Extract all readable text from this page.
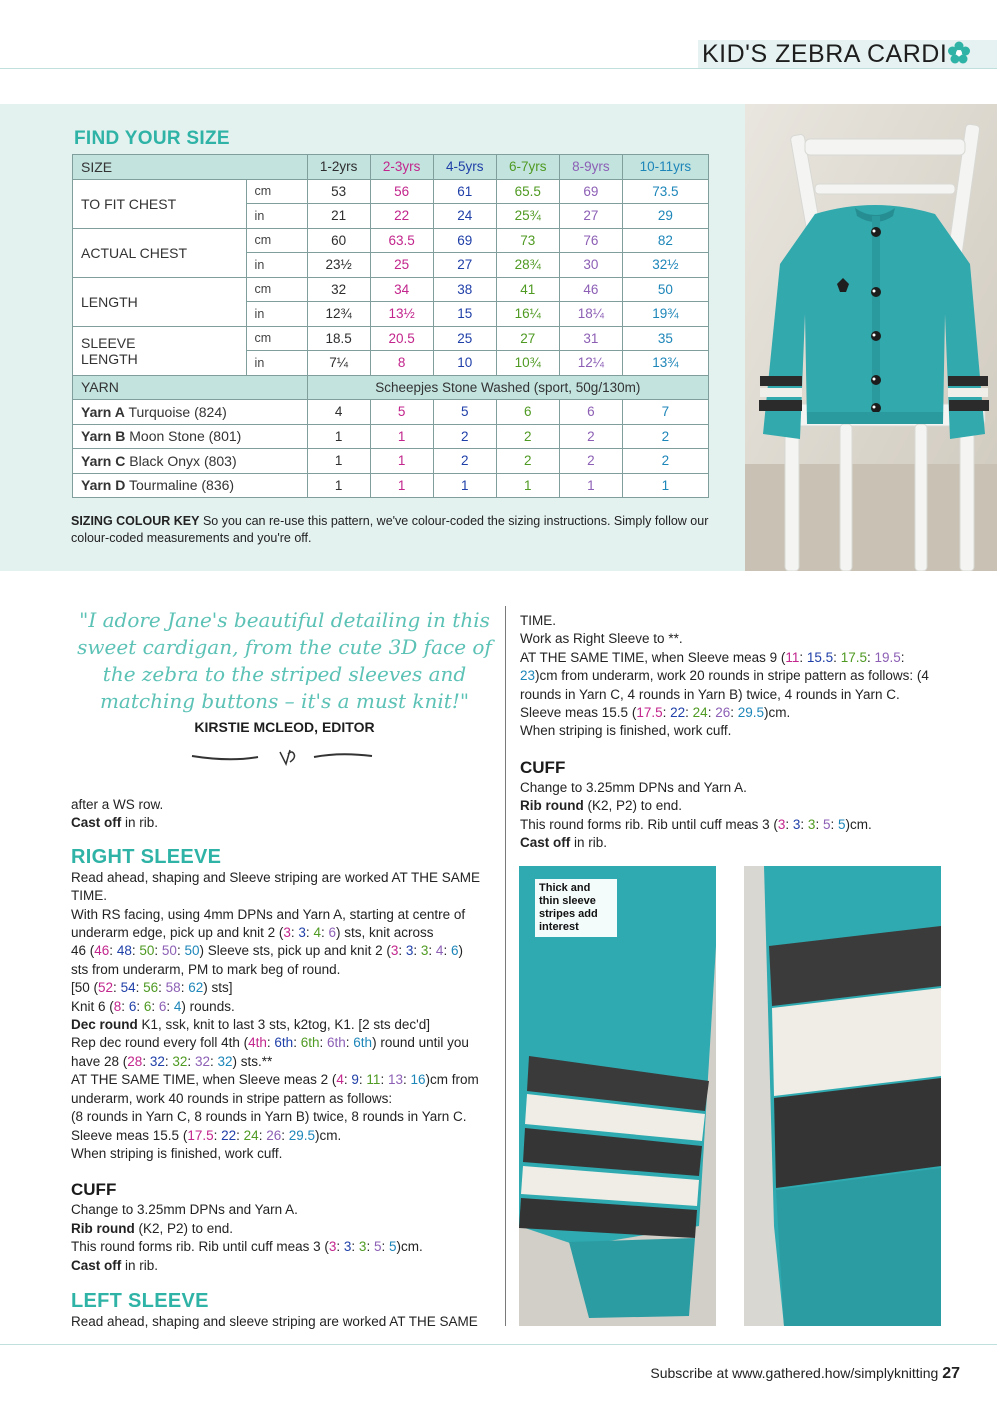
KID'S ZEBRA CARDI
FIND YOUR SIZE
SIZE		1-2yrs	2-3yrs	4-5yrs	6-7yrs	8-9yrs	10-11yrs
TO FIT CHEST	cm	53	56	61	65.5	69	73.5
	in	21	22	24	25¾	27	29
ACTUAL CHEST	cm	60	63.5	69	73	76	82
	in	23½	25	27	28¾	30	32½
LENGTH	cm	32	34	38	41	46	50
	in	12¾	13½	15	16¼	18¼	19¾
SLEEVE
LENGTH	cm	18.5	20.5	25	27	31	35
	in	7¼	8	10	10¾	12¼	13¾
YARN		Scheepjes Stone Washed (sport, 50g/130m)					
Yarn A Turquoise (824)		4	5	5	6	6	7
Yarn B Moon Stone (801)		1	1	2	2	2	2
Yarn C Black Onyx (803)		1	1	2	2	2	2
Yarn D Tourmaline (836)		1	1	1	1	1	1
SIZING COLOUR KEY So you can re-use this pattern, we've colour-coded the sizing instructions. Simply follow our colour-coded measurements and you're off.
"I adore Jane's beautiful detailing in this sweet cardigan, from the cute 3D face of the zebra to the striped sleeves and matching buttons – it's a must knit!"
KIRSTIE MCLEOD, EDITOR

after a WS row.

Cast off in rib.

RIGHT SLEEVE

Read ahead, shaping and Sleeve striping are worked AT THE SAME TIME.

With RS facing, using 4mm DPNs and Yarn A, starting at centre of underarm edge, pick up and knit 2 (3: 3: 4: 6) sts, knit across

46 (46: 48: 50: 50: 50) Sleeve sts, pick up and knit 2 (3: 3: 3: 4: 6)
sts from underarm, PM to mark beg of round.

[50 (52: 54: 56: 58: 62) sts]

Knit 6 (8: 6: 6: 6: 4) rounds.

Dec round K1, ssk, knit to last 3 sts, k2tog, K1. [2 sts dec'd]

Rep dec round every foll 4th (4th: 6th: 6th: 6th: 6th) round until you have 28 (28: 32: 32: 32: 32) sts.**

AT THE SAME TIME, when Sleeve meas 2 (4: 9: 11: 13: 16)cm from underarm, work 40 rounds in stripe pattern as follows:

(8 rounds in Yarn C, 8 rounds in Yarn B) twice, 8 rounds in Yarn C.

Sleeve meas 15.5 (17.5: 22: 24: 26: 29.5)cm.

When striping is finished, work cuff.

CUFF

Change to 3.25mm DPNs and Yarn A.

Rib round (K2, P2) to end.

This round forms rib. Rib until cuff meas 3 (3: 3: 3: 5: 5)cm.

Cast off in rib.

LEFT SLEEVE

Read ahead, shaping and sleeve striping are worked AT THE SAME

TIME.

Work as Right Sleeve to **.

AT THE SAME TIME, when Sleeve meas 9 (11: 15.5: 17.5: 19.5: 23)cm from underarm, work 20 rounds in stripe pattern as follows: (4 rounds in Yarn C, 4 rounds in Yarn B) twice, 4 rounds in Yarn C.

Sleeve meas 15.5 (17.5: 22: 24: 26: 29.5)cm.

When striping is finished, work cuff.

CUFF

Change to 3.25mm DPNs and Yarn A.

Rib round (K2, P2) to end.

This round forms rib. Rib until cuff meas 3 (3: 3: 3: 5: 5)cm.

Cast off in rib.

Thick and thin sleeve stripes add interest
Subscribe at www.gathered.how/simplyknitting 27
